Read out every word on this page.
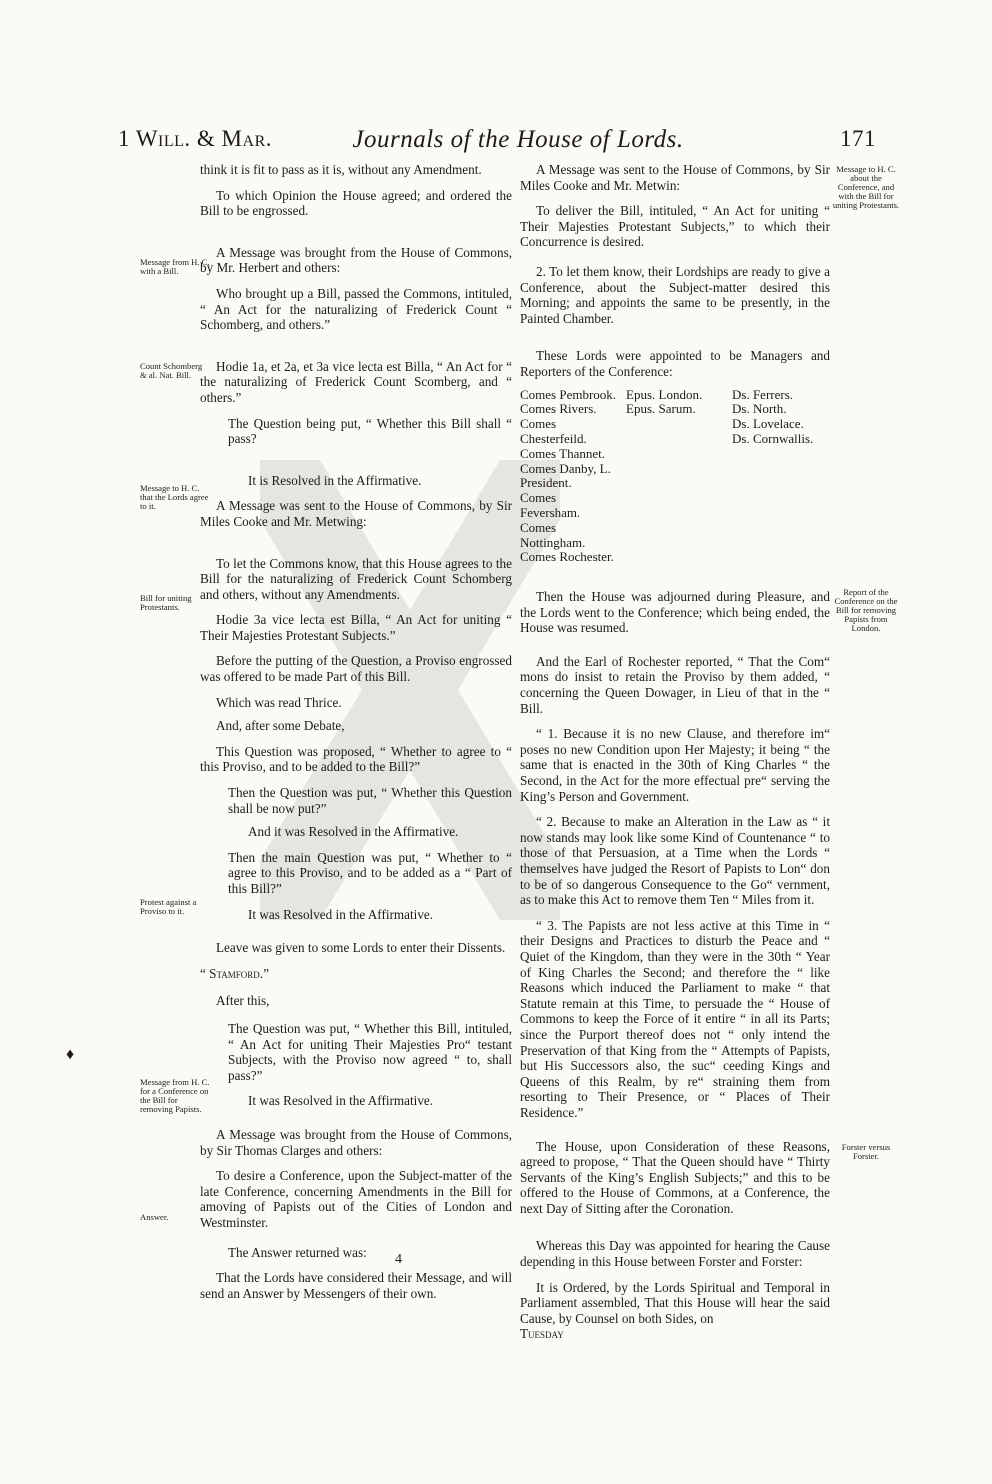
1 Will. & Mar.	Journals of the House of Lords.	171

think it is fit to pass as it is, without any Amendment.

To which Opinion the House agreed; and ordered the Bill to be engrossed.

A Message was brought from the House of Commons, by Mr. Herbert and others:

Who brought up a Bill, passed the Commons, intituled, “ An Act for the naturalizing of Frederick Count “ Schomberg, and others.”

Hodie 1a, et 2a, et 3a vice lecta est Billa, “ An Act for “ the naturalizing of Frederick Count Scomberg, and “ others.”

The Question being put, “ Whether this Bill shall “ pass?

It is Resolved in the Affirmative.

A Message was sent to the House of Commons, by Sir Miles Cooke and Mr. Metwing:

To let the Commons know, that this House agrees to the Bill for the naturalizing of Frederick Count Schomberg and others, without any Amendments.

Hodie 3a vice lecta est Billa, “ An Act for uniting “ Their Majesties Protestant Subjects.”

Before the putting of the Question, a Proviso engrossed was offered to be made Part of this Bill.

Which was read Thrice.

And, after some Debate,

This Question was proposed, “ Whether to agree to “ this Proviso, and to be added to the Bill?”

Then the Question was put, “ Whether this Question shall be now put?”

And it was Resolved in the Affirmative.

Then the main Question was put, “ Whether to “ agree to this Proviso, and to be added as a “ Part of this Bill?”

It was Resolved in the Affirmative.

Leave was given to some Lords to enter their Dissents.

“ Stamford.”

After this,

The Question was put, “ Whether this Bill, intituled, “ An Act for uniting Their Majesties Pro“ testant Subjects, with the Proviso now agreed “ to, shall pass?”

It was Resolved in the Affirmative.

A Message was brought from the House of Commons, by Sir Thomas Clarges and others:

To desire a Conference, upon the Subject-matter of the late Conference, concerning Amendments in the Bill for amoving of Papists out of the Cities of London and Westminster.

The Answer returned was:

That the Lords have considered their Message, and will send an Answer by Messengers of their own.

A Message was sent to the House of Commons, by Sir Miles Cooke and Mr. Metwin:

To deliver the Bill, intituled, “ An Act for uniting “ Their Majesties Protestant Subjects,” to which their Concurrence is desired.

2. To let them know, their Lordships are ready to give a Conference, about the Subject-matter desired this Morning; and appoints the same to be presently, in the Painted Chamber.

These Lords were appointed to be Managers and Reporters of the Conference:

Comes Pembrook.
Comes Rivers.
Comes Chesterfeild.
Comes Thannet.
Comes Danby, L. President.
Comes Feversham.
Comes Nottingham.
Comes Rochester.
Epus. London.
Epus. Sarum.
Ds. Ferrers.
Ds. North.
Ds. Lovelace.
Ds. Cornwallis.

Then the House was adjourned during Pleasure, and the Lords went to the Conference; which being ended, the House was resumed.

And the Earl of Rochester reported, “ That the Com“ mons do insist to retain the Proviso by them added, “ concerning the Queen Dowager, in Lieu of that in the “ Bill.

“ 1. Because it is no new Clause, and therefore im“ poses no new Condition upon Her Majesty; it being “ the same that is enacted in the 30th of King Charles “ the Second, in the Act for the more effectual pre“ serving the King’s Person and Government.

“ 2. Because to make an Alteration in the Law as “ it now stands may look like some Kind of Countenance “ to those of that Persuasion, at a Time when the Lords “ themselves have judged the Resort of Papists to Lon“ don to be of so dangerous Consequence to the Go“ vernment, as to make this Act to remove them Ten “ Miles from it.

“ 3. The Papists are not less active at this Time in “ their Designs and Practices to disturb the Peace and “ Quiet of the Kingdom, than they were in the 30th “ Year of King Charles the Second; and therefore the “ like Reasons which induced the Parliament to make “ that Statute remain at this Time, to persuade the “ House of Commons to keep the Force of it entire “ in all its Parts; since the Purport thereof does not “ only intend the Preservation of that King from the “ Attempts of Papists, but His Successors also, the suc“ ceeding Kings and Queens of this Realm, by re“ straining them from resorting to Their Presence, or “ Places of Their Residence.”

The House, upon Consideration of these Reasons, agreed to propose, “ That the Queen should have “ Thirty Servants of the King’s English Subjects;” and this to be offered to the House of Commons, at a Conference, the next Day of Sitting after the Coronation.

Whereas this Day was appointed for hearing the Cause depending in this House between Forster and Forster:

It is Ordered, by the Lords Spiritual and Temporal in Parliament assembled, That this House will hear the said Cause, by Counsel on both Sides, on

Tuesday

Message from H. C. with a Bill.
Count Schomberg & al. Nat. Bill.
Message to H. C. that the Lords agree to it.
Bill for uniting Protestants.
Protest against a Proviso to it.
Message from H. C. for a Conference on the Bill for removing Papists.
Answer.
Message to H. C. about the Conference, and with the Bill for uniting Protestants.
Report of the Conference on the Bill for removing Papists from London.
Forster versus Forster.
♦
4
